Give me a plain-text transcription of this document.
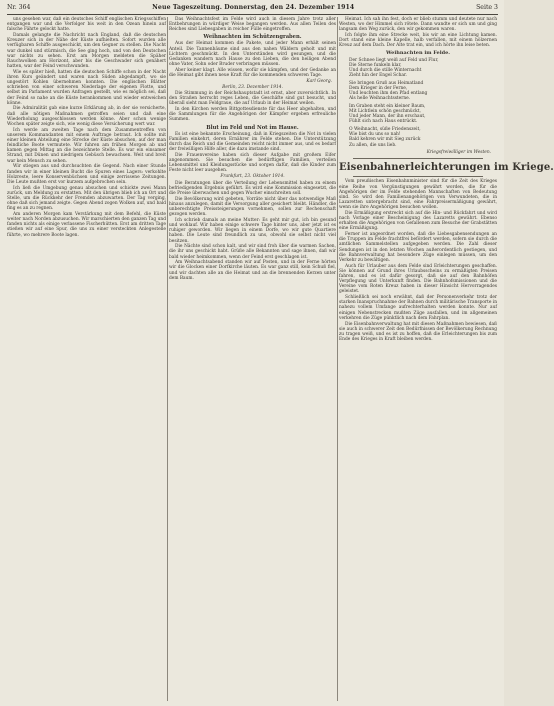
Nr. 364	Neue Tageszeitung. Donnerstag, den 24. Dezember 1914	Seite 3

uns gesehen war, daß ein deutsches Schiff englischen Kriegsschiffen entgangen war und die Verfolger bis weit in den Ozean hinein auf falsche Fährte gelockt hatte.

Damals gelangte die Nachricht nach England, daß die deutschen Kreuzer sich in der Nähe der Küste aufhielten. Sofort wurden alle verfügbaren Schiffe ausgeschickt, um den Gegner zu stellen. Die Nacht war dunkel und stürmisch, die See ging hoch, und von den Deutschen war nichts zu sehen. Erst am Morgen meldeten die Späher Rauchwolken am Horizont, aber bis die Geschwader sich genähert hatten, war der Feind verschwunden.

Wie es später hieß, hatten die deutschen Schiffe schon in der Nacht ihren Kurs geändert und waren nach Süden abgedampft, wo sie ungestört Kohlen übernehmen konnten. Die englischen Blätter schrieben von einer schweren Niederlage der eigenen Flotte, und selbst im Parlament wurden Anfragen gestellt, wie es möglich sei, daß der Feind so nahe an die Küste herankommen und wieder entweichen könne.

Die Admiralität gab eine kurze Erklärung ab, in der sie versicherte, daß alle nötigen Maßnahmen getroffen seien und daß eine Wiederholung ausgeschlossen werden könne. Aber schon wenige Wochen später zeigte sich, wie wenig diese Versicherung wert war.

Ich werde am zweiten Tage nach dem Zusammentreffen von unserem Kommandanten mit einem Auftrage betraut. Ich sollte mit einer kleinen Abteilung eine Strecke der Küste absuchen, auf der man feindliche Boote vermutete. Wir fuhren am frühen Morgen ab und kamen gegen Mittag an die bezeichnete Stelle. Es war ein einsamer Strand, mit Dünen und niedrigem Gebüsch bewachsen. Weit und breit war kein Mensch zu sehen.

Wir stiegen aus und durchsuchten die Gegend. Nach einer Stunde fanden wir in einer kleinen Bucht die Spuren eines Lagers: verkohlte Holzreste, leere Konservenbüchsen und einige zerrissene Zeitungen. Die Leute mußten erst vor kurzem aufgebrochen sein.

Ich ließ die Umgebung genau absuchen und schickte zwei Mann zurück, um Meldung zu erstatten. Mit den übrigen blieb ich an Ort und Stelle, um die Rückkehr der Fremden abzuwarten. Der Tag verging, ohne daß sich jemand zeigte. Gegen Abend zogen Wolken auf, und bald fing es an zu regnen.

Am anderen Morgen kam Verstärkung mit dem Befehl, die Küste weiter nach Norden abzusuchen. Wir marschierten den ganzen Tag und fanden nichts als einige verlassene Fischerhütten. Erst am dritten Tage stießen wir auf eine Spur, die uns zu einer versteckten Anlegestelle führte, wo mehrere Boote lagen.

Das Weihnachtsfest im Felde wird auch in diesem Jahre trotz aller Entbehrungen in würdiger Weise begangen werden. Aus allen Teilen des Reiches sind Liebesgaben in reicher Fülle eingetroffen.

Weihnachten im Schützengraben.

Aus der Heimat kommen die Pakete, und jeder Mann erhält seinen Anteil. Die Tannenbäume sind aus den nahen Wäldern geholt und mit Lichtern geschmückt. In den Unterständen wird gesungen, und die Gedanken wandern nach Hause zu den Lieben, die den heiligen Abend ohne Vater, Sohn oder Bruder verbringen müssen.

Aber keiner klagt. Alle wissen, wofür sie kämpfen, und der Gedanke an die Heimat gibt ihnen neue Kraft für die kommenden schweren Tage.

Karl Georg.
Berlin, 23. Dezember 1914.

Die Stimmung in der Reichshauptstadt ist ernst, aber zuversichtlich. In den Straßen herrscht reges Leben, die Geschäfte sind gut besucht, und überall sieht man Feldgraue, die auf Urlaub in der Heimat weilen.

In den Kirchen werden Bittgottesdienste für das Heer abgehalten, und die Sammlungen für die Angehörigen der Kämpfer ergeben erfreuliche Summen.

Blut im Feld und Not im Hause.

Es ist eine bekannte Erscheinung, daß in Kriegszeiten die Not in vielen Familien einkehrt, deren Ernährer im Felde stehen. Die Unterstützung durch das Reich und die Gemeinden reicht nicht immer aus, und es bedarf der freiwilligen Hilfe aller, die dazu imstande sind.

Die Frauenvereine haben sich dieser Aufgabe mit großem Eifer angenommen. Sie besuchen die bedürftigen Familien, verteilen Lebensmittel und Kleidungsstücke und sorgen dafür, daß die Kinder zum Feste nicht leer ausgehen.

Frankfurt, 23. Oktober 1914.

Die Beratungen über die Verteilung der Lebensmittel haben zu einem befriedigenden Ergebnis geführt. Es wird eine Kommission eingesetzt, die die Preise überwachen und gegen Wucher einschreiten soll.

Die Bevölkerung wird gebeten, Vorräte nicht über das notwendige Maß hinaus anzulegen, damit die Versorgung aller gesichert bleibt. Händler, die unberechtigte Preissteigerungen vornehmen, sollen zur Rechenschaft gezogen werden.

Ich schrieb damals an meine Mutter: Es geht mir gut, ich bin gesund und wohlauf. Wir haben einige schwere Tage hinter uns, aber jetzt ist es ruhiger geworden. Wir liegen in einem Dorfe, wo wir gute Quartiere haben. Die Leute sind freundlich zu uns, obwohl sie selbst nicht viel besitzen.

Die Nächte sind schon kalt, und wir sind froh über die warmen Sachen, die ihr uns geschickt habt. Grüße alle Bekannten und sage ihnen, daß wir bald wieder heimkommen, wenn der Feind erst geschlagen ist.

Am Weihnachtsabend standen wir auf Posten, und in der Ferne hörten wir die Glocken einer Dorfkirche läuten. Es war ganz still, kein Schuß fiel, und wir dachten alle an die Heimat und an die brennenden Kerzen unter dem Baum.

Heimat. Ich sah ihn fest, doch er blieb stumm und deutete nur nach Westen, wo der Himmel sich rötete. Dann wandte er sich um und ging langsam den Weg zurück, den wir gekommen waren.

Ich folgte ihm eine Strecke weit, bis wir an eine Lichtung kamen. Dort stand eine kleine Kapelle, halb verfallen, mit einem hölzernen Kreuz auf dem Dach. Der Alte trat ein, und ich hörte ihn leise beten.

Weihnachten im Felde.
Der Schnee liegt weiß auf Feld und Flur,
Die Sterne funkeln klar,
Und durch die stille Winternacht
Zieht hin der Engel Schar.
Sie bringen Gruß aus Heimatland
Dem Krieger in der Ferne,
Und leuchten ihm den Pfad entlang
Als helle Weihnachtssterne.
Im Graben steht ein kleiner Baum,
Mit Lichtlein schön geschmückt,
Und jeder Mann, der ihn erschaut,
Fühlt sich nach Haus entrückt.
O Weihnacht, süße Friedenszeit,
Wie bist du uns so nah!
Bald kehren wir mit Sieg zurück
Zu allen, die uns lieb.
Kriegsfreiwilliger im Westen.
Eisenbahnerleichterungen im Kriege.

Vom preußischen Eisenbahnminister sind für die Zeit des Krieges eine Reihe von Vergünstigungen gewährt worden, die für die Angehörigen der im Felde stehenden Mannschaften von Bedeutung sind. So wird den Familienangehörigen von Verwundeten, die in Lazaretten untergebracht sind, eine Fahrpreisermäßigung gewährt, wenn sie ihre Angehörigen besuchen wollen.

Die Ermäßigung erstreckt sich auf die Hin- und Rückfahrt und wird nach Vorlage einer Bescheinigung des Lazaretts gewährt. Ebenso erhalten die Angehörigen von Gefallenen zum Besuche der Grabstätten eine Ermäßigung.

Ferner ist angeordnet worden, daß die Liebesgabensendungen an die Truppen im Felde frachtfrei befördert werden, sofern sie durch die amtlichen Sammelstellen aufgegeben werden. Die Zahl dieser Sendungen ist in den letzten Wochen außerordentlich gestiegen, und die Bahnverwaltung hat besondere Züge einlegen müssen, um den Verkehr zu bewältigen.

Auch für Urlauber aus dem Felde sind Erleichterungen geschaffen. Sie können auf Grund ihres Urlaubsscheins zu ermäßigten Preisen fahren, und es ist dafür gesorgt, daß sie auf den Bahnhöfen Verpflegung und Unterkunft finden. Die Bahnhofsmissionen und die Vereine vom Roten Kreuz haben in dieser Hinsicht Hervorragendes geleistet.

Schließlich sei noch erwähnt, daß der Personenverkehr trotz der starken Inanspruchnahme der Bahnen durch militärische Transporte in nahezu vollem Umfange aufrechterhalten werden konnte. Nur auf einigen Nebenstrecken mußten Züge ausfallen, und im allgemeinen verkehren die Züge pünktlich nach dem Fahrplan.

Die Eisenbahnverwaltung hat mit diesen Maßnahmen bewiesen, daß sie auch in schwerer Zeit den Bedürfnissen der Bevölkerung Rechnung zu tragen weiß, und es ist zu hoffen, daß die Erleichterungen bis zum Ende des Krieges in Kraft bleiben werden.
